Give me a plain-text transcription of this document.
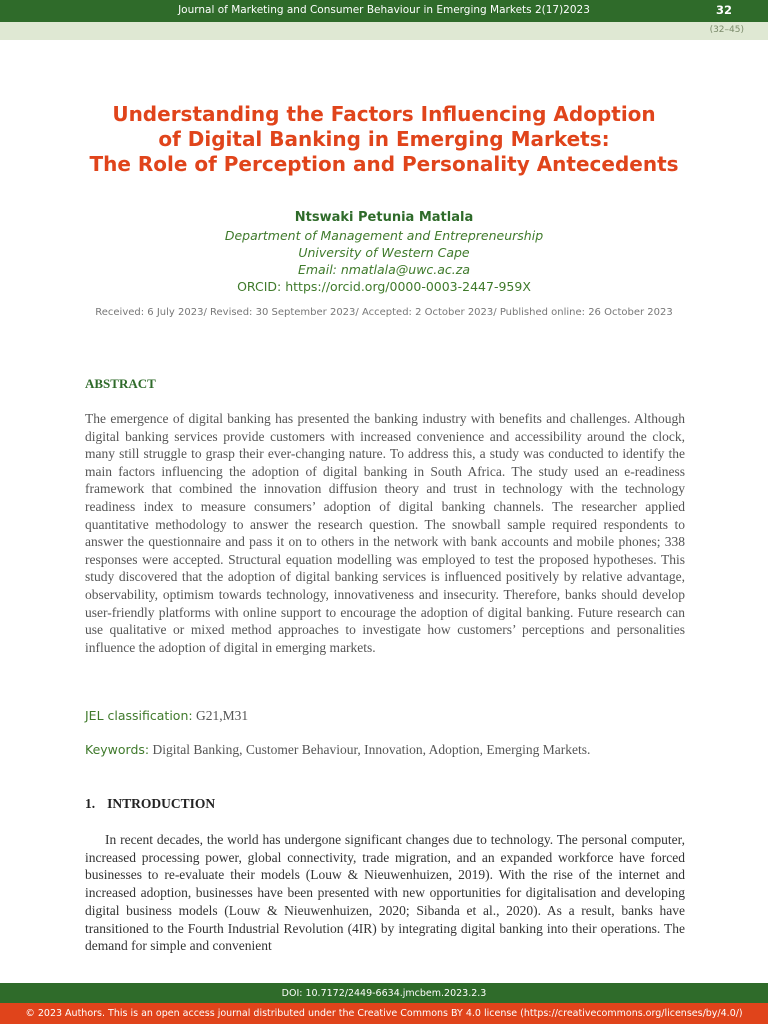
Journal of Marketing and Consumer Behaviour in Emerging Markets 2(17)2023	32
(32–45)
Understanding the Factors Influencing Adoption
of Digital Banking in Emerging Markets:
The Role of Perception and Personality Antecedents
Ntswaki Petunia Matlala
Department of Management and Entrepreneurship
University of Western Cape
Email: nmatlala@uwc.ac.za
ORCID: https://orcid.org/0000-0003-2447-959X
Received: 6 July 2023/ Revised: 30 September 2023/ Accepted: 2 October 2023/ Published online: 26 October 2023
ABSTRACT

The emergence of digital banking has presented the banking industry with benefits and challenges. Although digital banking services provide customers with increased convenience and accessibility around the clock, many still struggle to grasp their ever-changing nature. To address this, a study was conducted to identify the main factors influencing the adoption of digital banking in South Africa. The study used an e-readiness framework that combined the innovation diffusion theory and trust in technology with the technology readiness index to measure consumers’ adoption of digital banking channels. The researcher applied quantitative methodology to answer the research question. The snowball sample required respondents to answer the questionnaire and pass it on to others in the network with bank accounts and mobile phones; 338 responses were accepted. Structural equation modelling was employed to test the proposed hypotheses. This study discovered that the adoption of digital banking services is influenced positively by relative advantage, observability, optimism towards technology, innovativeness and insecurity. Therefore, banks should develop user-friendly platforms with online support to encourage the adoption of digital banking. Future research can use qualitative or mixed method approaches to investigate how customers’ perceptions and personalities influence the adoption of digital in emerging markets.

JEL classification: G21,M31
Keywords: Digital Banking, Customer Behaviour, Innovation, Adoption, Emerging Markets.
1. INTRODUCTION

In recent decades, the world has undergone significant changes due to technology. The personal computer, increased processing power, global connectivity, trade migration, and an expanded workforce have forced businesses to re-evaluate their models (Louw & Nieuwenhuizen, 2019). With the rise of the internet and increased adoption, businesses have been presented with new opportunities for digitalisation and developing digital business models (Louw & Nieuwenhuizen, 2020; Sibanda et al., 2020). As a result, banks have transitioned to the Fourth Industrial Revolution (4IR) by integrating digital banking into their operations. The demand for simple and convenient

DOI: 10.7172/2449-6634.jmcbem.2023.2.3
© 2023 Authors. This is an open access journal distributed under the Creative Commons BY 4.0 license (https://creativecommons.org/licenses/by/4.0/)
